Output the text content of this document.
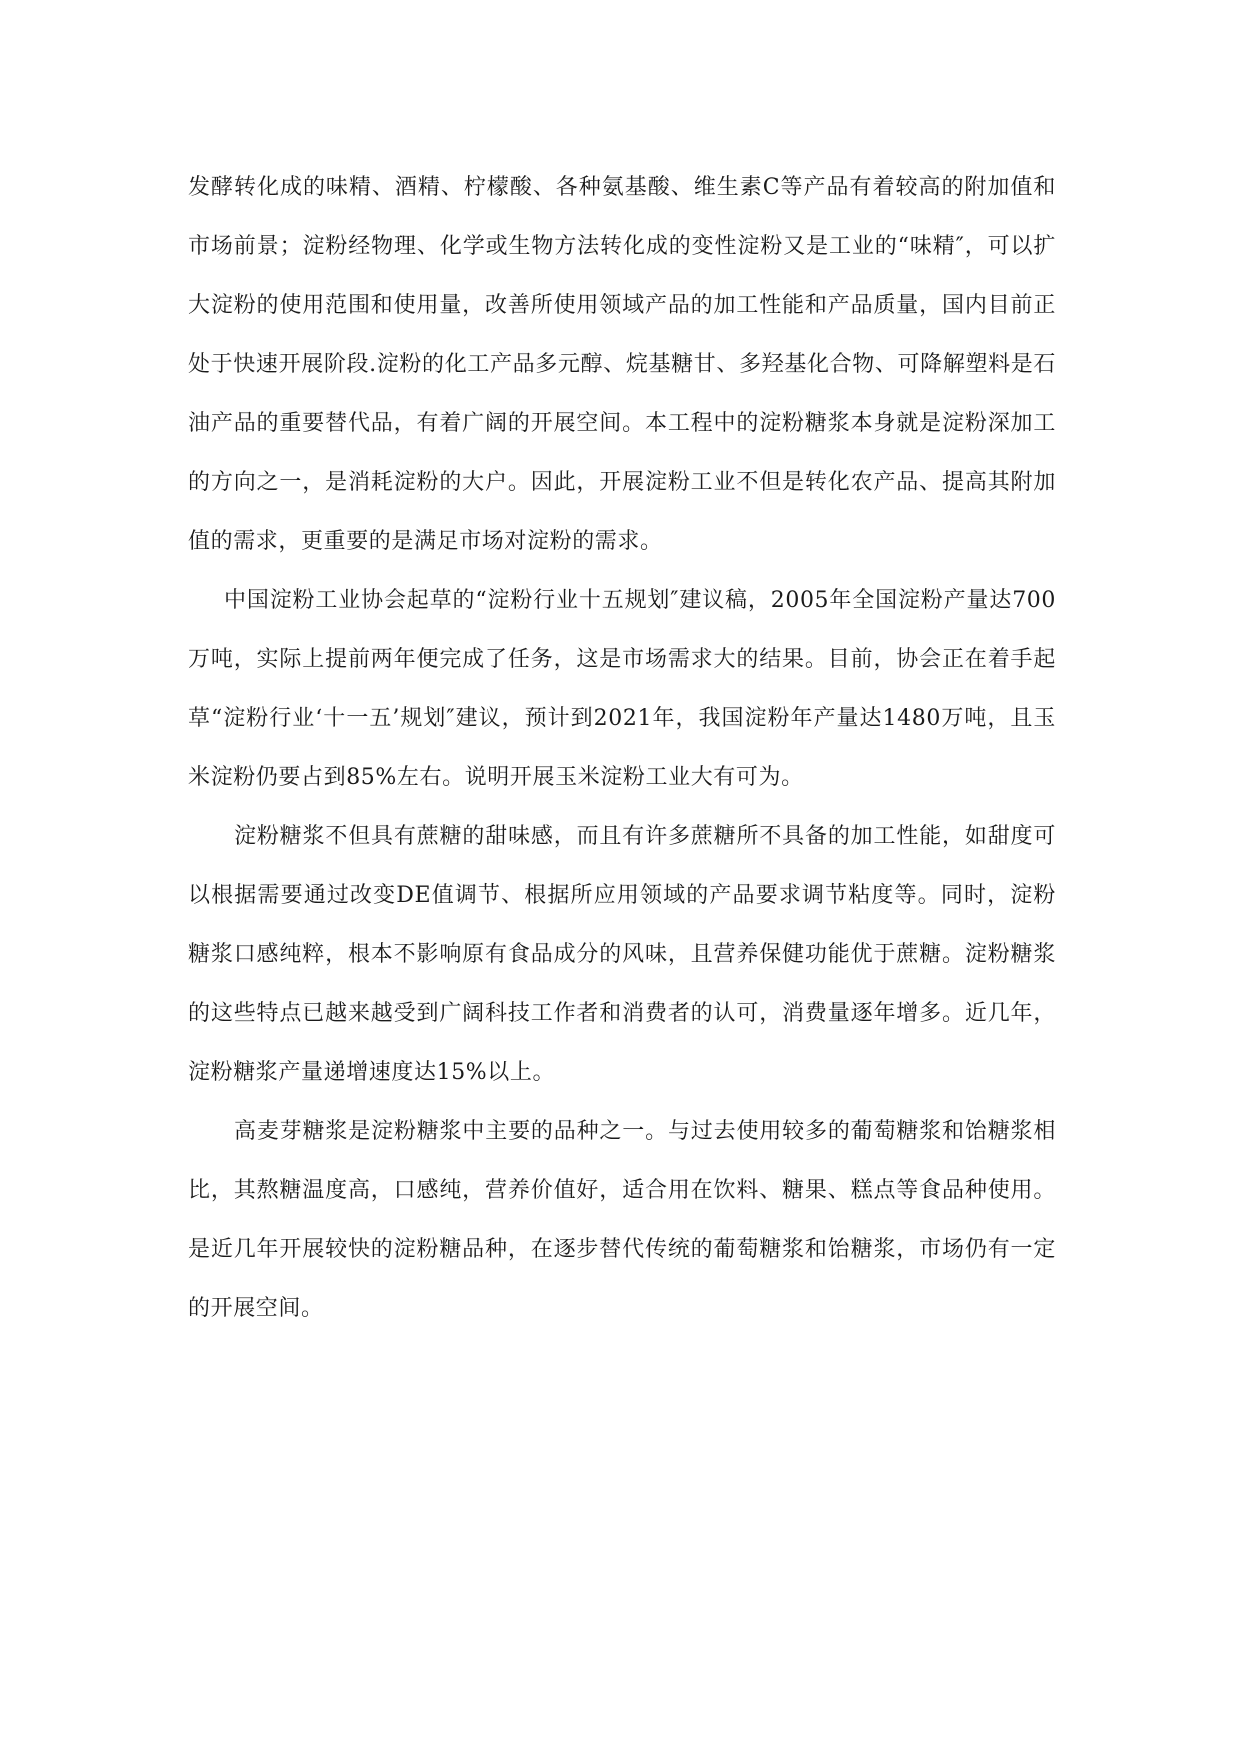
发酵转化成的味精、酒精、柠檬酸、各种氨基酸、维生素C等产品有着较高的附加值和市场前景；淀粉经物理、化学或生物方法转化成的变性淀粉又是工业的“味精″，可以扩大淀粉的使用范围和使用量，改善所使用领域产品的加工性能和产品质量，国内目前正处于快速开展阶段.淀粉的化工产品多元醇、烷基糖甘、多羟基化合物、可降解塑料是石油产品的重要替代品，有着广阔的开展空间。本工程中的淀粉糖浆本身就是淀粉深加工的方向之一，是消耗淀粉的大户。因此，开展淀粉工业不但是转化农产品、提高其附加值的需求，更重要的是满足市场对淀粉的需求。

中国淀粉工业协会起草的“淀粉行业十五规划″建议稿，2005年全国淀粉产量达700万吨，实际上提前两年便完成了任务，这是市场需求大的结果。目前，协会正在着手起草“淀粉行业‘十一五’规划″建议，预计到2021年，我国淀粉年产量达1480万吨，且玉米淀粉仍要占到85%左右。说明开展玉米淀粉工业大有可为。

淀粉糖浆不但具有蔗糖的甜味感，而且有许多蔗糖所不具备的加工性能，如甜度可以根据需要通过改变DE值调节、根据所应用领域的产品要求调节粘度等。同时，淀粉糖浆口感纯粹，根本不影响原有食品成分的风味，且营养保健功能优于蔗糖。淀粉糖浆的这些特点已越来越受到广阔科技工作者和消费者的认可，消费量逐年增多。近几年，淀粉糖浆产量递增速度达15%以上。

高麦芽糖浆是淀粉糖浆中主要的品种之一。与过去使用较多的葡萄糖浆和饴糖浆相比，其熬糖温度高，口感纯，营养价值好，适合用在饮料、糖果、糕点等食品种使用。是近几年开展较快的淀粉糖品种，在逐步替代传统的葡萄糖浆和饴糖浆，市场仍有一定的开展空间。
